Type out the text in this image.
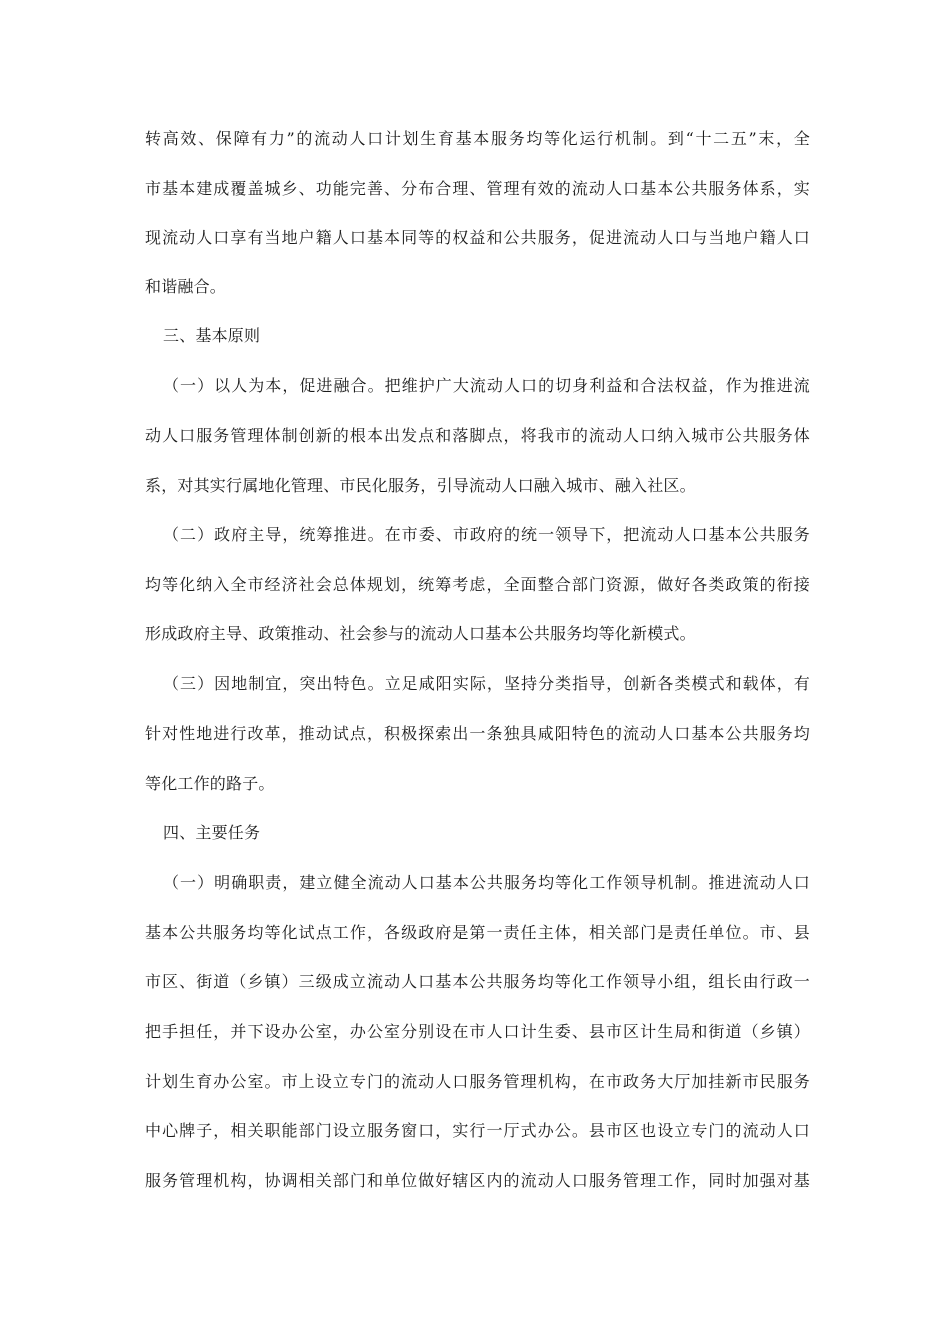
转高效、保障有力”的流动人口计划生育基本服务均等化运行机制。到“十二五”末，全
市基本建成覆盖城乡、功能完善、分布合理、管理有效的流动人口基本公共服务体系，实
现流动人口享有当地户籍人口基本同等的权益和公共服务，促进流动人口与当地户籍人口
和谐融合。
三、基本原则
（一）以人为本，促进融合。把维护广大流动人口的切身利益和合法权益，作为推进流
动人口服务管理体制创新的根本出发点和落脚点，将我市的流动人口纳入城市公共服务体
系，对其实行属地化管理、市民化服务，引导流动人口融入城市、融入社区。
（二）政府主导，统筹推进。在市委、市政府的统一领导下，把流动人口基本公共服务
均等化纳入全市经济社会总体规划，统筹考虑，全面整合部门资源，做好各类政策的衔接
形成政府主导、政策推动、社会参与的流动人口基本公共服务均等化新模式。
（三）因地制宜，突出特色。立足咸阳实际，坚持分类指导，创新各类模式和载体，有
针对性地进行改革，推动试点，积极探索出一条独具咸阳特色的流动人口基本公共服务均
等化工作的路子。
四、主要任务
（一）明确职责，建立健全流动人口基本公共服务均等化工作领导机制。推进流动人口
基本公共服务均等化试点工作，各级政府是第一责任主体，相关部门是责任单位。市、县
市区、街道（乡镇）三级成立流动人口基本公共服务均等化工作领导小组，组长由行政一
把手担任，并下设办公室，办公室分别设在市人口计生委、县市区计生局和街道（乡镇）
计划生育办公室。市上设立专门的流动人口服务管理机构，在市政务大厅加挂新市民服务
中心牌子，相关职能部门设立服务窗口，实行一厅式办公。县市区也设立专门的流动人口
服务管理机构，协调相关部门和单位做好辖区内的流动人口服务管理工作，同时加强对基
